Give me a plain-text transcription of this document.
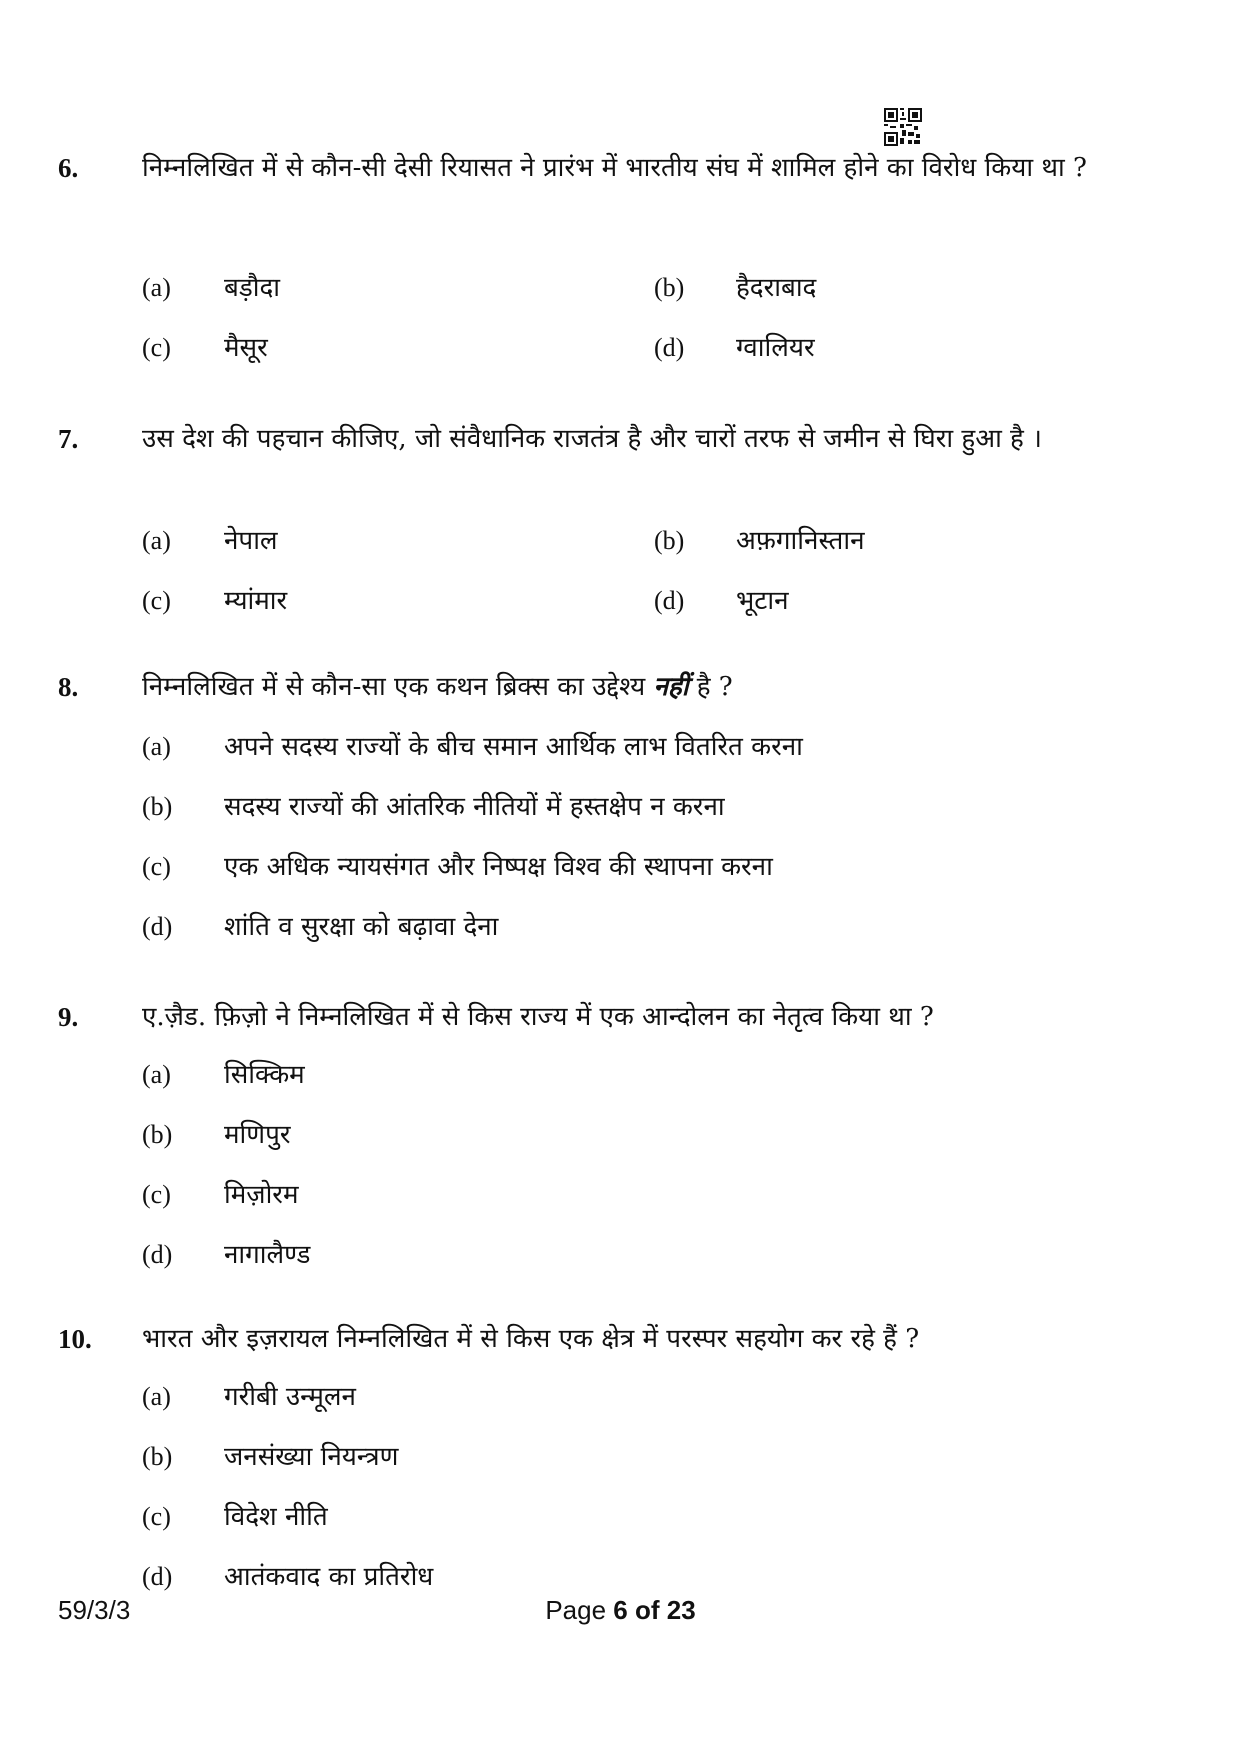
6. निम्नलिखित में से कौन-सी देसी रियासत ने प्रारंभ में भारतीय संघ में शामिल होने का विरोध किया था ?
(a) बड़ौदा	(b) हैदराबाद
(c) मैसूर	(d) ग्वालियर
7. उस देश की पहचान कीजिए, जो संवैधानिक राजतंत्र है और चारों तरफ से जमीन से घिरा हुआ है ।
(a) नेपाल	(b) अफ़गानिस्तान
(c) म्यांमार	(d) भूटान
8. निम्नलिखित में से कौन-सा एक कथन ब्रिक्स का उद्देश्य नहीं है ?
(a) अपने सदस्य राज्यों के बीच समान आर्थिक लाभ वितरित करना
(b) सदस्य राज्यों की आंतरिक नीतियों में हस्तक्षेप न करना
(c) एक अधिक न्यायसंगत और निष्पक्ष विश्व की स्थापना करना
(d) शांति व सुरक्षा को बढ़ावा देना
9. ए.ज़ैड. फ़िज़ो ने निम्नलिखित में से किस राज्य में एक आन्दोलन का नेतृत्व किया था ?
(a) सिक्किम
(b) मणिपुर
(c) मिज़ोरम
(d) नागालैण्ड
10. भारत और इज़रायल निम्नलिखित में से किस एक क्षेत्र में परस्पर सहयोग कर रहे हैं ?
(a) गरीबी उन्मूलन
(b) जनसंख्या नियन्त्रण
(c) विदेश नीति
(d) आतंकवाद का प्रतिरोध
59/3/3	Page 6 of 23
